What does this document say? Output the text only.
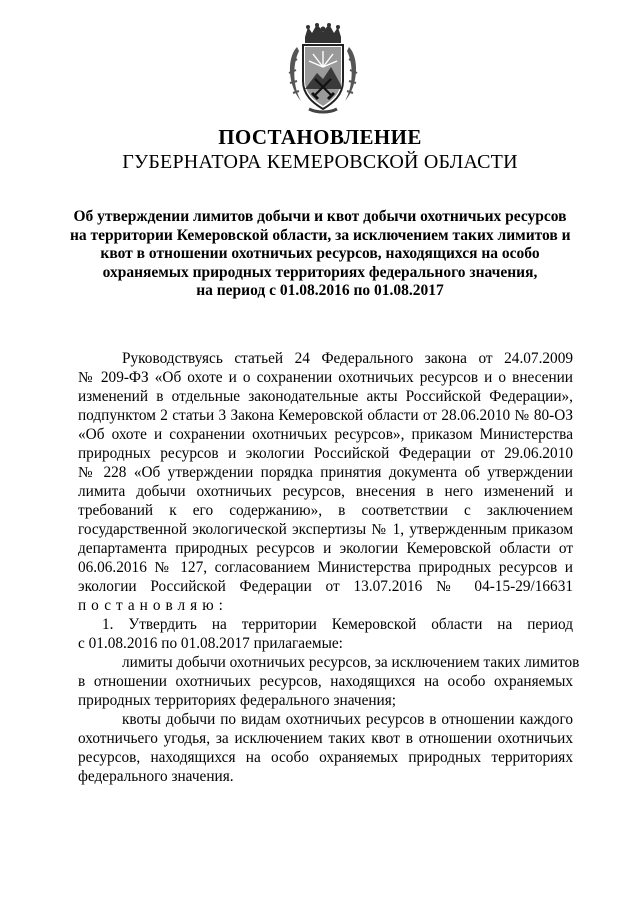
ПОСТАНОВЛЕНИЕ
ГУБЕРНАТОРА КЕМЕРОВСКОЙ ОБЛАСТИ
Об утверждении лимитов добычи и квот добычи охотничьих ресурсов
на территории Кемеровской области, за исключением таких лимитов и
квот в отношении охотничьих ресурсов, находящихся на особо
охраняемых природных территориях федерального значения,
на период с 01.08.2016 по 01.08.2017
Руководствуясь статьей 24 Федерального закона от 24.07.2009
№ 209-ФЗ «Об охоте и о сохранении охотничьих ресурсов и о внесении
изменений в отдельные законодательные акты Российской Федерации»,
подпунктом 2 статьи 3 Закона Кемеровской области от 28.06.2010 № 80-ОЗ
«Об охоте и сохранении охотничьих ресурсов», приказом Министерства
природных ресурсов и экологии Российской Федерации от 29.06.2010
№ 228 «Об утверждении порядка принятия документа об утверждении
лимита добычи охотничьих ресурсов, внесения в него изменений и
требований к его содержанию», в соответствии с заключением
государственной экологической экспертизы № 1, утвержденным приказом
департамента природных ресурсов и экологии Кемеровской области от
06.06.2016 № 127, согласованием Министерства природных ресурсов и
экологии Российской Федерации от 13.07.2016 № 04-15-29/16631
постановляю:
1. Утвердить на территории Кемеровской области на период
с 01.08.2016 по 01.08.2017 прилагаемые:
лимиты добычи охотничьих ресурсов, за исключением таких лимитов
в отношении охотничьих ресурсов, находящихся на особо охраняемых
природных территориях федерального значения;
квоты добычи по видам охотничьих ресурсов в отношении каждого
охотничьего угодья, за исключением таких квот в отношении охотничьих
ресурсов, находящихся на особо охраняемых природных территориях
федерального значения.
